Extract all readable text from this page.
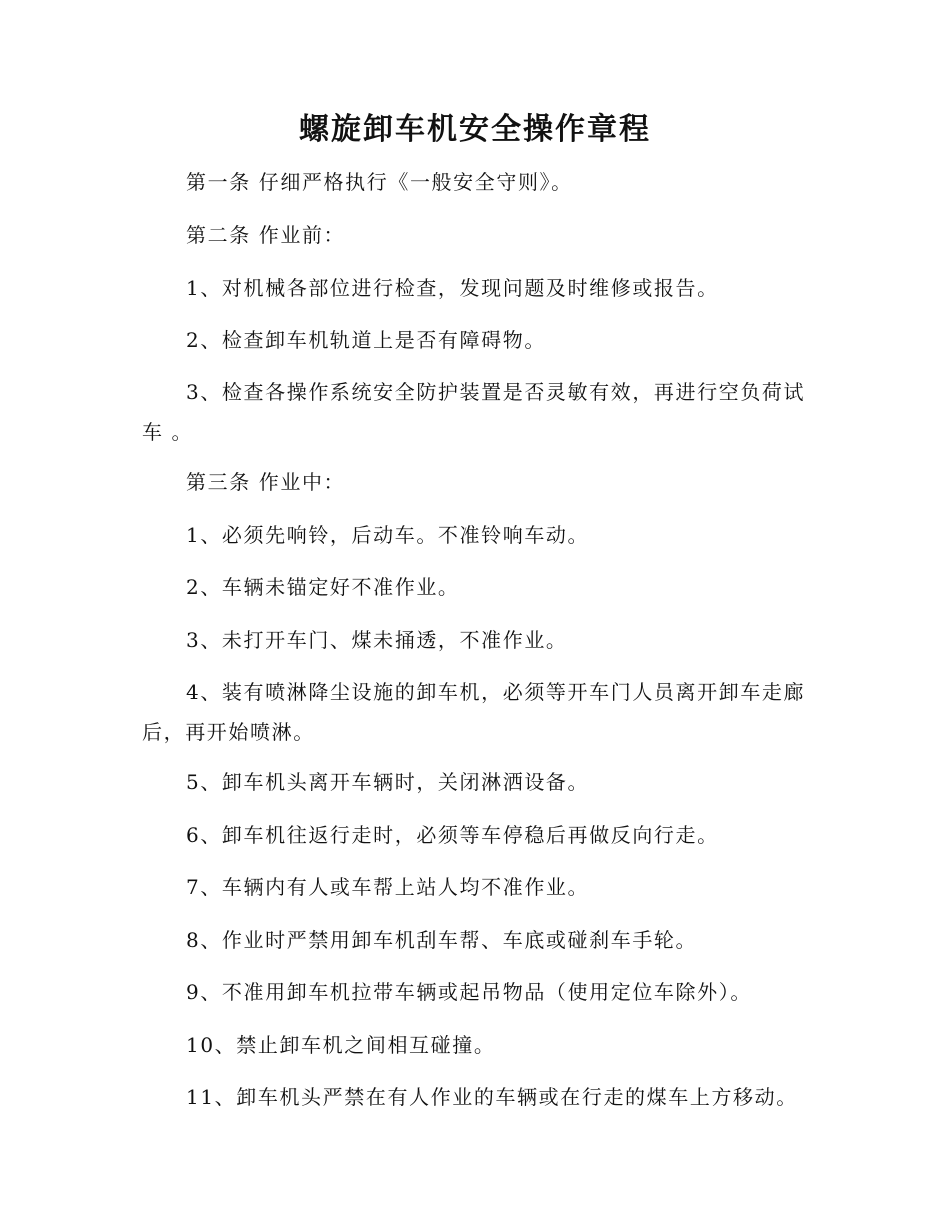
螺旋卸车机安全操作章程
第一条 仔细严格执行《一般安全守则》。
第二条 作业前：
1、对机械各部位进行检查，发现问题及时维修或报告。
2、检查卸车机轨道上是否有障碍物。
3、检查各操作系统安全防护装置是否灵敏有效，再进行空负荷试车 。
第三条 作业中：
1、必须先响铃，后动车。不准铃响车动。
2、车辆未锚定好不准作业。
3、未打开车门、煤未捅透，不准作业。
4、装有喷淋降尘设施的卸车机，必须等开车门人员离开卸车走廊后，再开始喷淋。
5、卸车机头离开车辆时，关闭淋洒设备。
6、卸车机往返行走时，必须等车停稳后再做反向行走。
7、车辆内有人或车帮上站人均不准作业。
8、作业时严禁用卸车机刮车帮、车底或碰刹车手轮。
9、不准用卸车机拉带车辆或起吊物品（使用定位车除外）。
10、禁止卸车机之间相互碰撞。
11、卸车机头严禁在有人作业的车辆或在行走的煤车上方移动。
